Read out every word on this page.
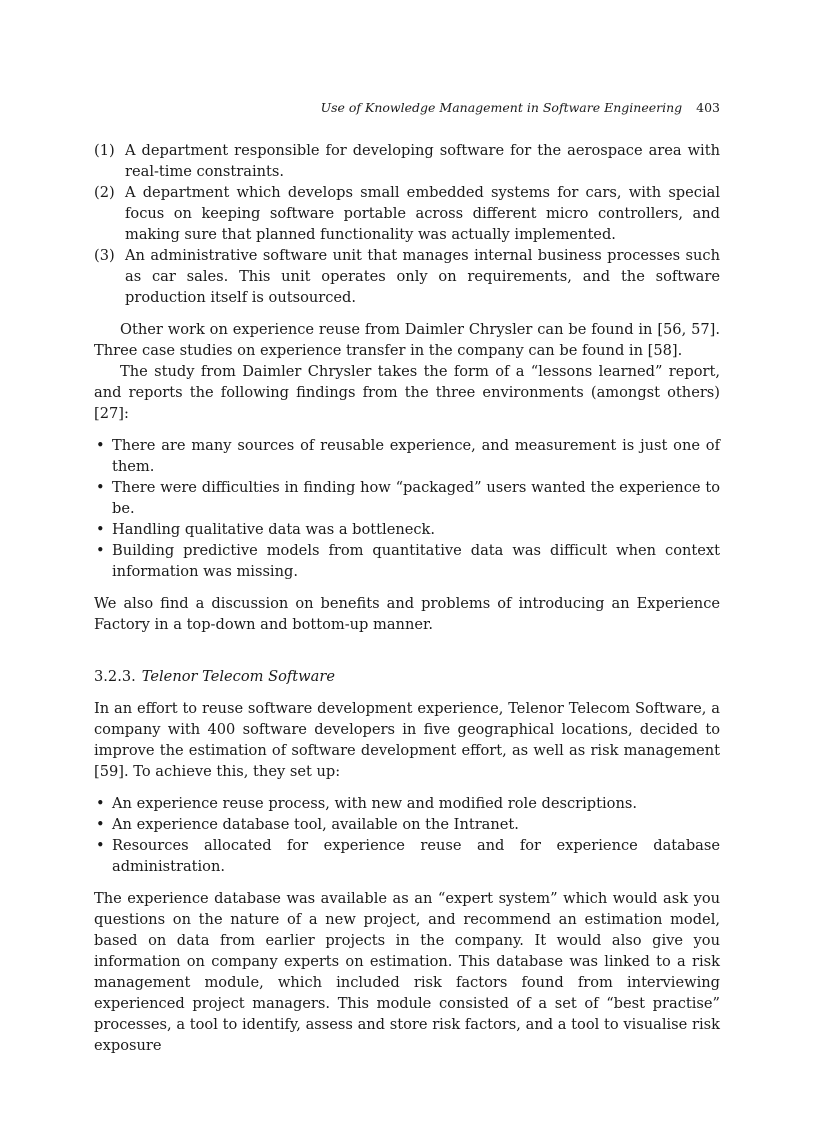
Use of Knowledge Management in Software Engineering 403
(1) A department responsible for developing software for the aerospace area with real-time constraints.
(2) A department which develops small embedded systems for cars, with special focus on keeping software portable across different micro controllers, and making sure that planned functionality was actually implemented.
(3) An administrative software unit that manages internal business processes such as car sales. This unit operates only on requirements, and the software production itself is outsourced.

Other work on experience reuse from Daimler Chrysler can be found in [56, 57]. Three case studies on experience transfer in the company can be found in [58].

The study from Daimler Chrysler takes the form of a “lessons learned” report, and reports the following findings from the three environments (amongst others) [27]:

• There are many sources of reusable experience, and measurement is just one of them.
• There were difficulties in finding how “packaged” users wanted the experience to be.
• Handling qualitative data was a bottleneck.
• Building predictive models from quantitative data was difficult when context information was missing.

We also find a discussion on benefits and problems of introducing an Experience Factory in a top-down and bottom-up manner.

3.2.3. Telenor Telecom Software

In an effort to reuse software development experience, Telenor Telecom Software, a company with 400 software developers in five geographical locations, decided to improve the estimation of software development effort, as well as risk management [59]. To achieve this, they set up:

• An experience reuse process, with new and modified role descriptions.
• An experience database tool, available on the Intranet.
• Resources allocated for experience reuse and for experience database administration.

The experience database was available as an “expert system” which would ask you questions on the nature of a new project, and recommend an estimation model, based on data from earlier projects in the company. It would also give you information on company experts on estimation. This database was linked to a risk management module, which included risk factors found from interviewing experienced project managers. This module consisted of a set of “best practise” processes, a tool to identify, assess and store risk factors, and a tool to visualise risk exposure
